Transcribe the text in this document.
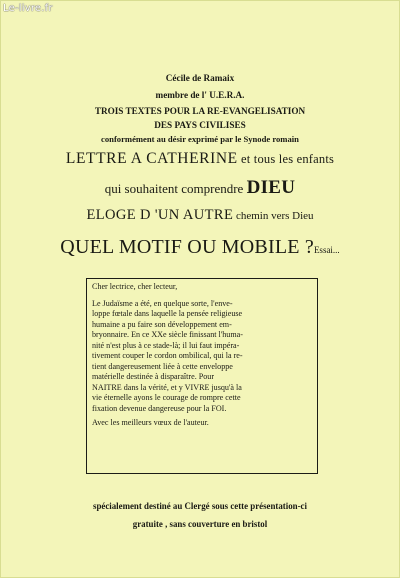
Le-livre.fr
Cécile de Ramaix
membre de l' U.E.R.A.
TROIS TEXTES POUR LA RE-EVANGELISATION
DES PAYS CIVILISES
conformément au désir exprimé par le Synode romain
LETTRE A CATHERINE et tous les enfants
qui souhaitent comprendre DIEU
ELOGE D 'UN AUTRE chemin vers Dieu
QUEL MOTIF OU MOBILE ?Essai...
Cher lectrice, cher lecteur,
Le Judaïsme a été, en quelque sorte, l'enve-
loppe fœtale dans laquelle la pensée religieuse
humaine a pu faire son développement em-
bryonnaire. En ce XXe siècle finissant l'huma-
nité n'est plus à ce stade-là; il lui faut impéra-
tivement couper le cordon ombilical, qui la re-
tient dangereusement liée à cette enveloppe
matérielle destinée à disparaître. Pour
NAITRE dans la vérité, et y VIVRE jusqu'à la
vie éternelle ayons le courage de rompre cette
fixation devenue dangereuse pour la FOI.
Avec les meilleurs vœux de l'auteur.
spécialement destiné au Clergé sous cette présentation-ci
gratuite , sans couverture en bristol
